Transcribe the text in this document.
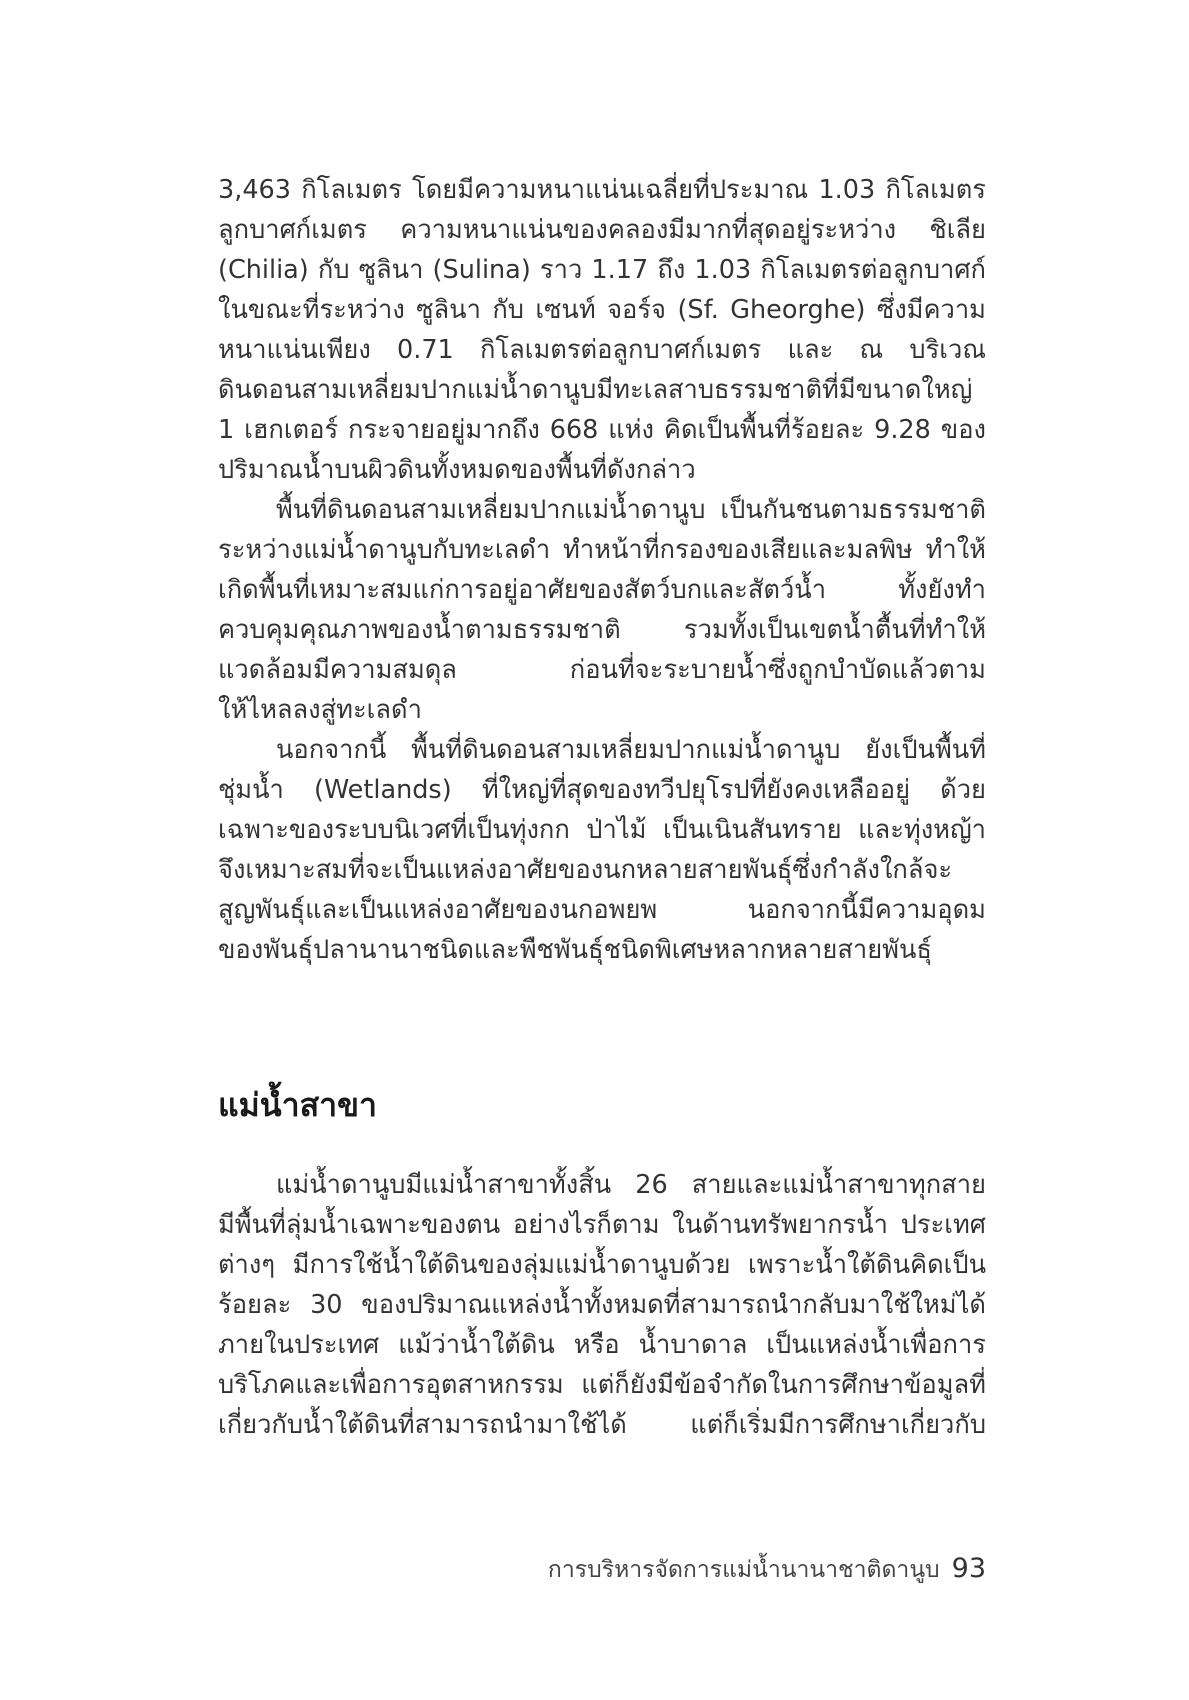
3,463 กิโลเมตร โดยมีความหนาแน่นเฉลี่ยที่ประมาณ 1.03 กิโลเมตร
ลูกบาศก์เมตร ความหนาแน่นของคลองมีมากที่สุดอยู่ระหว่าง ชิเลีย
(Chilia) กับ ซูลินา (Sulina) ราว 1.17 ถึง 1.03 กิโลเมตรต่อลูกบาศก์
ในขณะที่ระหว่าง ซูลินา กับ เซนท์ จอร์จ (Sf. Gheorghe) ซึ่งมีความ
หนาแน่นเพียง 0.71 กิโลเมตรต่อลูกบาศก์เมตร และ ณ บริเวณ
ดินดอนสามเหลี่ยมปากแม่น้ำดานูบมีทะเลสาบธรรมชาติที่มีขนาดใหญ่
1 เฮกเตอร์ กระจายอยู่มากถึง 668 แห่ง คิดเป็นพื้นที่ร้อยละ 9.28 ของ
ปริมาณน้ำบนผิวดินทั้งหมดของพื้นที่ดังกล่าว
พื้นที่ดินดอนสามเหลี่ยมปากแม่น้ำดานูบ เป็นกันชนตามธรรมชาติ
ระหว่างแม่น้ำดานูบกับทะเลดำ ทำหน้าที่กรองของเสียและมลพิษ ทำให้
เกิดพื้นที่เหมาะสมแก่การอยู่อาศัยของสัตว์บกและสัตว์น้ำ ทั้งยังทำ
ควบคุมคุณภาพของน้ำตามธรรมชาติ รวมทั้งเป็นเขตน้ำตื้นที่ทำให้
แวดล้อมมีความสมดุล ก่อนที่จะระบายน้ำซึ่งถูกบำบัดแล้วตาม
ให้ไหลลงสู่ทะเลดำ
นอกจากนี้ พื้นที่ดินดอนสามเหลี่ยมปากแม่น้ำดานูบ ยังเป็นพื้นที่
ชุ่มน้ำ (Wetlands) ที่ใหญ่ที่สุดของทวีปยุโรปที่ยังคงเหลืออยู่ ด้วย
เฉพาะของระบบนิเวศที่เป็นทุ่งกก ป่าไม้ เป็นเนินสันทราย และทุ่งหญ้า
จึงเหมาะสมที่จะเป็นแหล่งอาศัยของนกหลายสายพันธุ์ซึ่งกำลังใกล้จะ
สูญพันธุ์และเป็นแหล่งอาศัยของนกอพยพ นอกจากนี้มีความอุดม
ของพันธุ์ปลานานาชนิดและพืชพันธุ์ชนิดพิเศษหลากหลายสายพันธุ์
แม่น้ำสาขา
แม่น้ำดานูบมีแม่น้ำสาขาทั้งสิ้น 26 สายและแม่น้ำสาขาทุกสาย
มีพื้นที่ลุ่มน้ำเฉพาะของตน อย่างไรก็ตาม ในด้านทรัพยากรน้ำ ประเทศ
ต่างๆ มีการใช้น้ำใต้ดินของลุ่มแม่น้ำดานูบด้วย เพราะน้ำใต้ดินคิดเป็น
ร้อยละ 30 ของปริมาณแหล่งน้ำทั้งหมดที่สามารถนำกลับมาใช้ใหม่ได้
ภายในประเทศ แม้ว่าน้ำใต้ดิน หรือ น้ำบาดาล เป็นแหล่งน้ำเพื่อการ
บริโภคและเพื่อการอุตสาหกรรม แต่ก็ยังมีข้อจำกัดในการศึกษาข้อมูลที่
เกี่ยวกับน้ำใต้ดินที่สามารถนำมาใช้ได้ แต่ก็เริ่มมีการศึกษาเกี่ยวกับ
การบริหารจัดการแม่น้ำนานาชาติดานูบ 93
